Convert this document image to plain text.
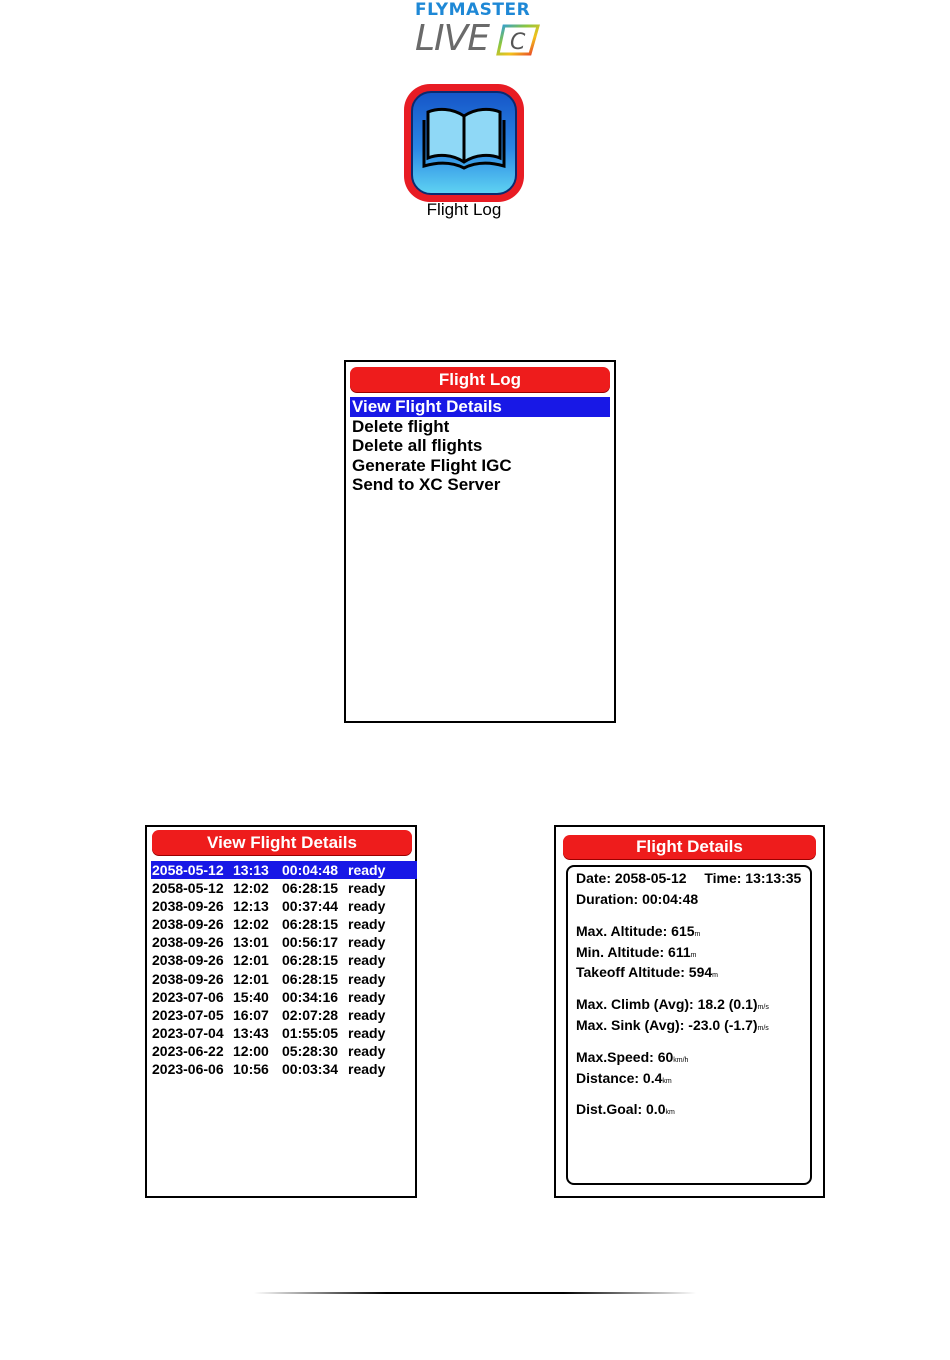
FLYMASTER
LIVE C
Flight Log
Flight Log
View Flight Details
Delete flight
Delete all flights
Generate Flight IGC
Send to XC Server
View Flight Details
2058-05-12 13:13 00:04:48 ready
2058-05-12 12:02 06:28:15 ready
2038-09-26 12:13 00:37:44 ready
2038-09-26 12:02 06:28:15 ready
2038-09-26 13:01 00:56:17 ready
2038-09-26 12:01 06:28:15 ready
2038-09-26 12:01 06:28:15 ready
2023-07-06 15:40 00:34:16 ready
2023-07-05 16:07 02:07:28 ready
2023-07-04 13:43 01:55:05 ready
2023-06-22 12:00 05:28:30 ready
2023-06-06 10:56 00:03:34 ready
Flight Details
Date: 2058-05-12 Time: 13:13:35
Duration: 00:04:48
Max. Altitude: 615m
Min. Altitude: 611m
Takeoff Altitude: 594m
Max. Climb (Avg): 18.2 (0.1)m/s
Max. Sink (Avg): -23.0 (-1.7)m/s
Max.Speed: 60km/h
Distance: 0.4km
Dist.Goal: 0.0km
